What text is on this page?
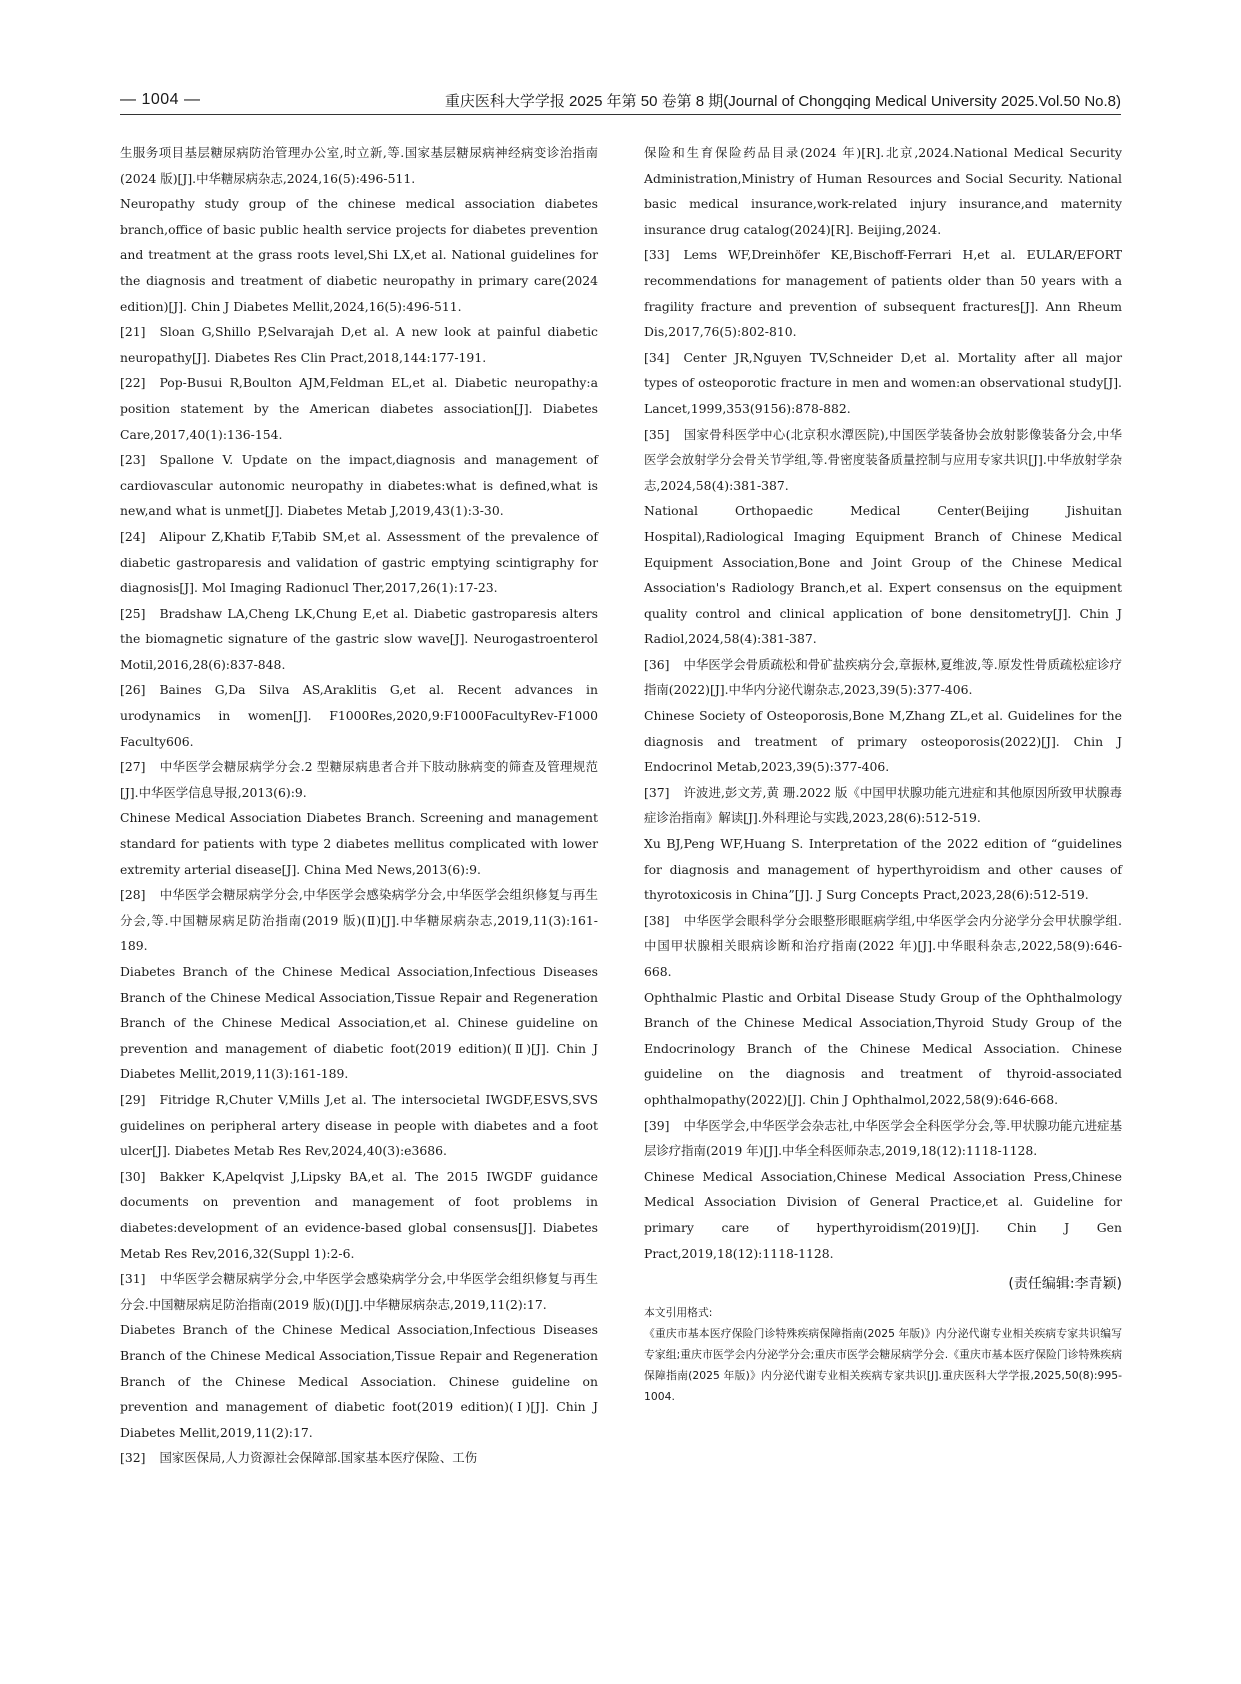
— 1004 —	重庆医科大学学报 2025 年第 50 卷第 8 期(Journal of Chongqing Medical University 2025.Vol.50 No.8)

生服务项目基层糖尿病防治管理办公室,时立新,等.国家基层糖尿病神经病变诊治指南(2024 版)[J].中华糖尿病杂志,2024,16(5):496-511.

Neuropathy study group of the chinese medical association diabetes branch,office of basic public health service projects for diabetes prevention and treatment at the grass roots level,Shi LX,et al. National guidelines for the diagnosis and treatment of diabetic neuropathy in primary care(2024 edition)[J]. Chin J Diabetes Mellit,2024,16(5):496-511.

[21] Sloan G,Shillo P,Selvarajah D,et al. A new look at painful diabetic neuropathy[J]. Diabetes Res Clin Pract,2018,144:177-191.

[22] Pop-Busui R,Boulton AJM,Feldman EL,et al. Diabetic neuropathy:a position statement by the American diabetes association[J]. Diabetes Care,2017,40(1):136-154.

[23] Spallone V. Update on the impact,diagnosis and management of cardiovascular autonomic neuropathy in diabetes:what is defined,what is new,and what is unmet[J]. Diabetes Metab J,2019,43(1):3-30.

[24] Alipour Z,Khatib F,Tabib SM,et al. Assessment of the prevalence of diabetic gastroparesis and validation of gastric emptying scintigraphy for diagnosis[J]. Mol Imaging Radionucl Ther,2017,26(1):17-23.

[25] Bradshaw LA,Cheng LK,Chung E,et al. Diabetic gastroparesis alters the biomagnetic signature of the gastric slow wave[J]. Neurogastroenterol Motil,2016,28(6):837-848.

[26] Baines G,Da Silva AS,Araklitis G,et al. Recent advances in urodynamics in women[J]. F1000Res,2020,9:F1000FacultyRev-F1000 Faculty606.

[27] 中华医学会糖尿病学分会.2 型糖尿病患者合并下肢动脉病变的筛查及管理规范[J].中华医学信息导报,2013(6):9.

Chinese Medical Association Diabetes Branch. Screening and management standard for patients with type 2 diabetes mellitus complicated with lower extremity arterial disease[J]. China Med News,2013(6):9.

[28] 中华医学会糖尿病学分会,中华医学会感染病学分会,中华医学会组织修复与再生分会,等.中国糖尿病足防治指南(2019 版)(Ⅱ)[J].中华糖尿病杂志,2019,11(3):161-189.

Diabetes Branch of the Chinese Medical Association,Infectious Diseases Branch of the Chinese Medical Association,Tissue Repair and Regeneration Branch of the Chinese Medical Association,et al. Chinese guideline on prevention and management of diabetic foot(2019 edition)(Ⅱ)[J]. Chin J Diabetes Mellit,2019,11(3):161-189.

[29] Fitridge R,Chuter V,Mills J,et al. The intersocietal IWGDF,ESVS,SVS guidelines on peripheral artery disease in people with diabetes and a foot ulcer[J]. Diabetes Metab Res Rev,2024,40(3):e3686.

[30] Bakker K,Apelqvist J,Lipsky BA,et al. The 2015 IWGDF guidance documents on prevention and management of foot problems in diabetes:development of an evidence-based global consensus[J]. Diabetes Metab Res Rev,2016,32(Suppl 1):2-6.

[31] 中华医学会糖尿病学分会,中华医学会感染病学分会,中华医学会组织修复与再生分会.中国糖尿病足防治指南(2019 版)(Ⅰ)[J].中华糖尿病杂志,2019,11(2):17.

Diabetes Branch of the Chinese Medical Association,Infectious Diseases Branch of the Chinese Medical Association,Tissue Repair and Regeneration Branch of the Chinese Medical Association. Chinese guideline on prevention and management of diabetic foot(2019 edition)(Ⅰ)[J]. Chin J Diabetes Mellit,2019,11(2):17.

[32] 国家医保局,人力资源社会保障部.国家基本医疗保险、工伤

保险和生育保险药品目录(2024 年)[R].北京,2024.National Medical Security Administration,Ministry of Human Resources and Social Security. National basic medical insurance,work-related injury insurance,and maternity insurance drug catalog(2024)[R]. Beijing,2024.

[33] Lems WF,Dreinhöfer KE,Bischoff-Ferrari H,et al. EULAR/EFORT recommendations for management of patients older than 50 years with a fragility fracture and prevention of subsequent fractures[J]. Ann Rheum Dis,2017,76(5):802-810.

[34] Center JR,Nguyen TV,Schneider D,et al. Mortality after all major types of osteoporotic fracture in men and women:an observational study[J]. Lancet,1999,353(9156):878-882.

[35] 国家骨科医学中心(北京积水潭医院),中国医学装备协会放射影像装备分会,中华医学会放射学分会骨关节学组,等.骨密度装备质量控制与应用专家共识[J].中华放射学杂志,2024,58(4):381-387.

National Orthopaedic Medical Center(Beijing Jishuitan Hospital),Radiological Imaging Equipment Branch of Chinese Medical Equipment Association,Bone and Joint Group of the Chinese Medical Association's Radiology Branch,et al. Expert consensus on the equipment quality control and clinical application of bone densitometry[J]. Chin J Radiol,2024,58(4):381-387.

[36] 中华医学会骨质疏松和骨矿盐疾病分会,章振林,夏维波,等.原发性骨质疏松症诊疗指南(2022)[J].中华内分泌代谢杂志,2023,39(5):377-406.

Chinese Society of Osteoporosis,Bone M,Zhang ZL,et al. Guidelines for the diagnosis and treatment of primary osteoporosis(2022)[J]. Chin J Endocrinol Metab,2023,39(5):377-406.

[37] 许波进,彭文芳,黄 珊.2022 版《中国甲状腺功能亢进症和其他原因所致甲状腺毒症诊治指南》解读[J].外科理论与实践,2023,28(6):512-519.

Xu BJ,Peng WF,Huang S. Interpretation of the 2022 edition of “guidelines for diagnosis and management of hyperthyroidism and other causes of thyrotoxicosis in China”[J]. J Surg Concepts Pract,2023,28(6):512-519.

[38] 中华医学会眼科学分会眼整形眼眶病学组,中华医学会内分泌学分会甲状腺学组.中国甲状腺相关眼病诊断和治疗指南(2022 年)[J].中华眼科杂志,2022,58(9):646-668.

Ophthalmic Plastic and Orbital Disease Study Group of the Ophthalmology Branch of the Chinese Medical Association,Thyroid Study Group of the Endocrinology Branch of the Chinese Medical Association. Chinese guideline on the diagnosis and treatment of thyroid-associated ophthalmopathy(2022)[J]. Chin J Ophthalmol,2022,58(9):646-668.

[39] 中华医学会,中华医学会杂志社,中华医学会全科医学分会,等.甲状腺功能亢进症基层诊疗指南(2019 年)[J].中华全科医师杂志,2019,18(12):1118-1128.

Chinese Medical Association,Chinese Medical Association Press,Chinese Medical Association Division of General Practice,et al. Guideline for primary care of hyperthyroidism(2019)[J]. Chin J Gen Pract,2019,18(12):1118-1128.

(责任编辑:李青颖)
本文引用格式:
《重庆市基本医疗保险门诊特殊疾病保障指南(2025 年版)》内分泌代谢专业相关疾病专家共识编写专家组;重庆市医学会内分泌学分会;重庆市医学会糖尿病学分会.《重庆市基本医疗保险门诊特殊疾病保障指南(2025 年版)》内分泌代谢专业相关疾病专家共识[J].重庆医科大学学报,2025,50(8):995-1004.
